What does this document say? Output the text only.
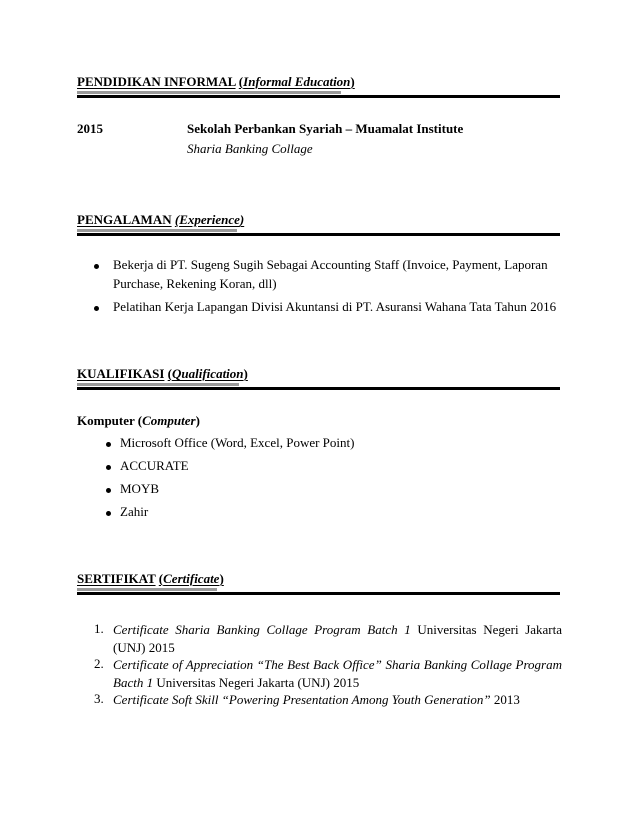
PENDIDIKAN INFORMAL (Informal Education)
2015	Sekolah Perbankan Syariah – Muamalat Institute
Sharia Banking Collage
PENGALAMAN (Experience)
Bekerja di PT. Sugeng Sugih Sebagai Accounting Staff (Invoice, Payment, Laporan
Purchase, Rekening Koran, dll)
Pelatihan Kerja Lapangan Divisi Akuntansi di PT. Asuransi Wahana Tata Tahun 2016
KUALIFIKASI (Qualification)
Komputer (Computer)
Microsoft Office (Word, Excel, Power Point)
ACCURATE
MOYB
Zahir
SERTIFIKAT (Certificate)
1. Certificate Sharia Banking Collage Program Batch 1 Universitas Negeri Jakarta (UNJ) 2015
2. Certificate of Appreciation “The Best Back Office” Sharia Banking Collage Program Bacth 1 Universitas Negeri Jakarta (UNJ) 2015
3. Certificate Soft Skill “Powering Presentation Among Youth Generation” 2013
